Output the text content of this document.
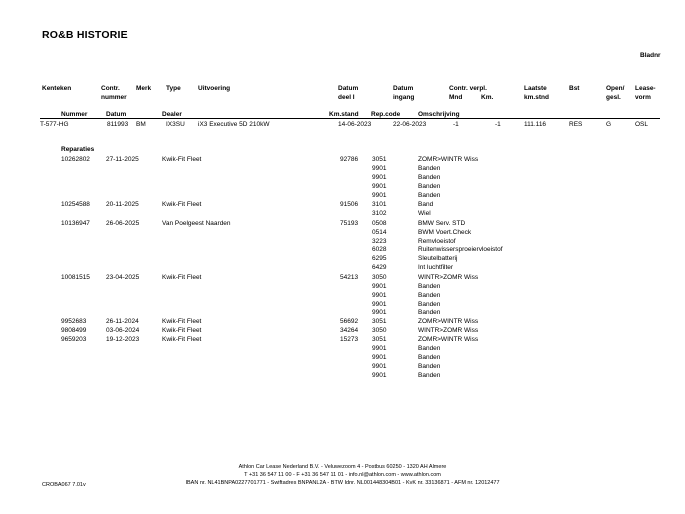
RO&B HISTORIE
Bladnr
Kenteken	Contr.
nummer
Merk Type	Uitvoering	Datum
deel I
Datum
ingang
Contr. verpl.
Mnd	Km.
Laatste
km.stnd
Bst	Open/
gesl.
Lease-
vorm
Nummer	Datum	Dealer	Km.stand Rep.code	Omschrijving
T-577-HG	811993 BM	IX3SU iX3 Executive 5D 210kW	14-06-2023	22-06-2023	-1	-1	111.116	RES	G	OSL
Reparaties
10262802 27-11-2025	Kwik-Fit Fleet	92786 3051	ZOMR>WINTR Wiss
9901	Banden
9901	Banden
9901	Banden
9901	Banden
10254588 20-11-2025	Kwik-Fit Fleet	91506 3101	Band
3102	Wiel
10136947 26-06-2025	Van Poelgeest Naarden	75193 0508	BMW Serv. STD
0514	BWM Voert.Check
3223	Remvloeistof
6028	Ruitenwissersproeiervloeistof
6295	Sleutelbatterij
6429	Int luchtfilter
10081515 23-04-2025	Kwik-Fit Fleet	54213 3050	WINTR>ZOMR Wiss
9901	Banden
9901	Banden
9901	Banden
9901	Banden
9952683	26-11-2024	Kwik-Fit Fleet	56692 3051	ZOMR>WINTR Wiss
9808499	03-06-2024	Kwik-Fit Fleet	34264 3050	WINTR>ZOMR Wiss
9659203	19-12-2023	Kwik-Fit Fleet	15273 3051	ZOMR>WINTR Wiss
9901	Banden
9901	Banden
9901	Banden
9901	Banden
Athlon Car Lease Nederland B.V. - Veluwezoom 4 - Postbus 60250 - 1320 AH Almere
T +31 36 547 11 00 - F +31 36 547 11 01 - info.nl@athlon.com - www.athlon.com
IBAN nr. NL41BNPA0227701771 - Swiftadres BNPANL2A - BTW Idnr. NL001448304B01 - KvK nr. 33136871 - AFM nr. 12012477
CROBA067 7.01v
